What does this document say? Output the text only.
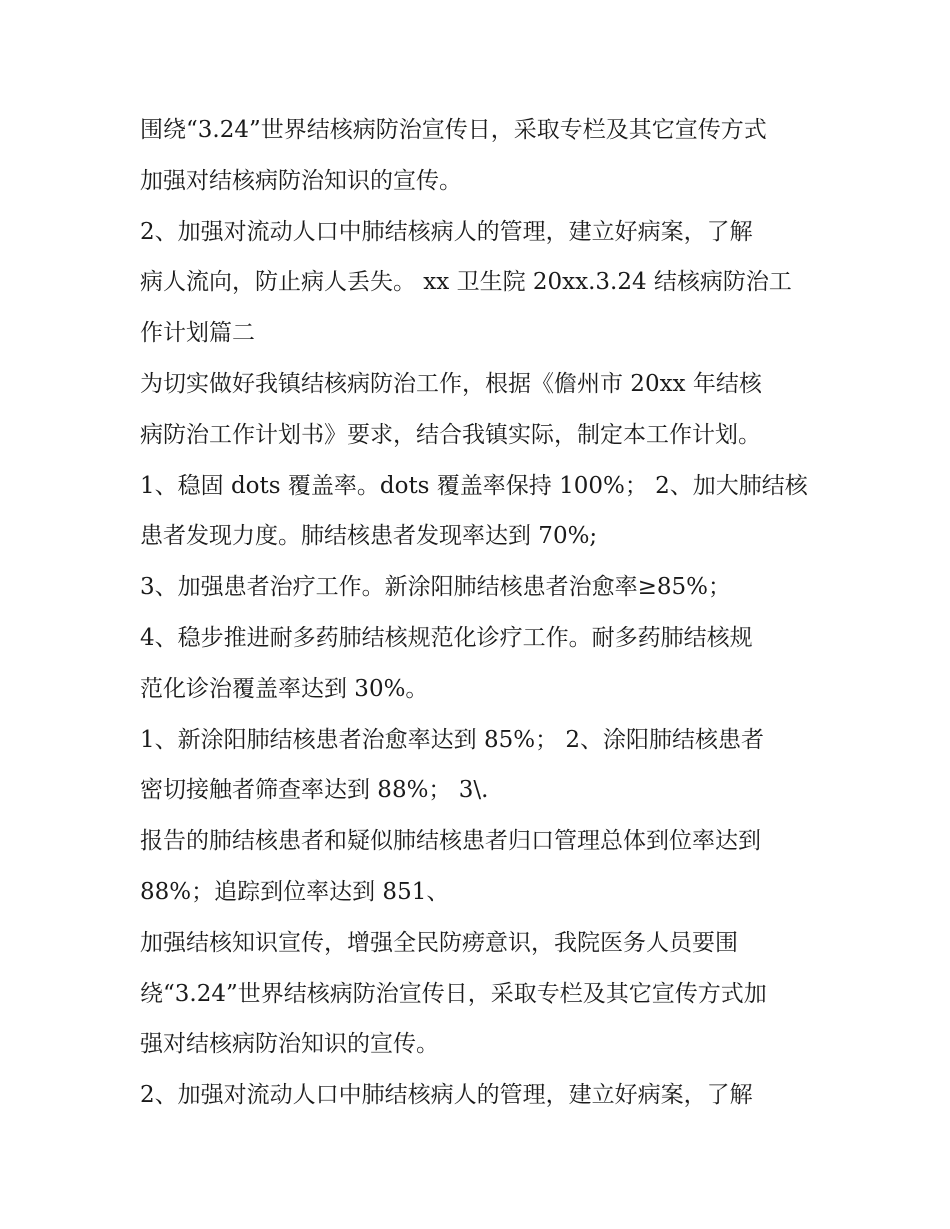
围绕“3.24”世界结核病防治宣传日，采取专栏及其它宣传方式
加强对结核病防治知识的宣传。
2、加强对流动人口中肺结核病人的管理，建立好病案，了解
病人流向，防止病人丢失。 xx 卫生院 20xx.3.24 结核病防治工
作计划篇二
为切实做好我镇结核病防治工作，根据《儋州市 20xx 年结核
病防治工作计划书》要求，结合我镇实际，制定本工作计划。
1、稳固 dots 覆盖率。dots 覆盖率保持 100%； 2、加大肺结核
患者发现力度。肺结核患者发现率达到 70%;
3、加强患者治疗工作。新涂阳肺结核患者治愈率≥85%；
4、稳步推进耐多药肺结核规范化诊疗工作。耐多药肺结核规
范化诊治覆盖率达到 30%。
1、新涂阳肺结核患者治愈率达到 85%； 2、涂阳肺结核患者
密切接触者筛查率达到 88%； 3\.
报告的肺结核患者和疑似肺结核患者归口管理总体到位率达到
88%；追踪到位率达到 851、
加强结核知识宣传，增强全民防痨意识，我院医务人员要围
绕“3.24”世界结核病防治宣传日，采取专栏及其它宣传方式加
强对结核病防治知识的宣传。
2、加强对流动人口中肺结核病人的管理，建立好病案，了解
